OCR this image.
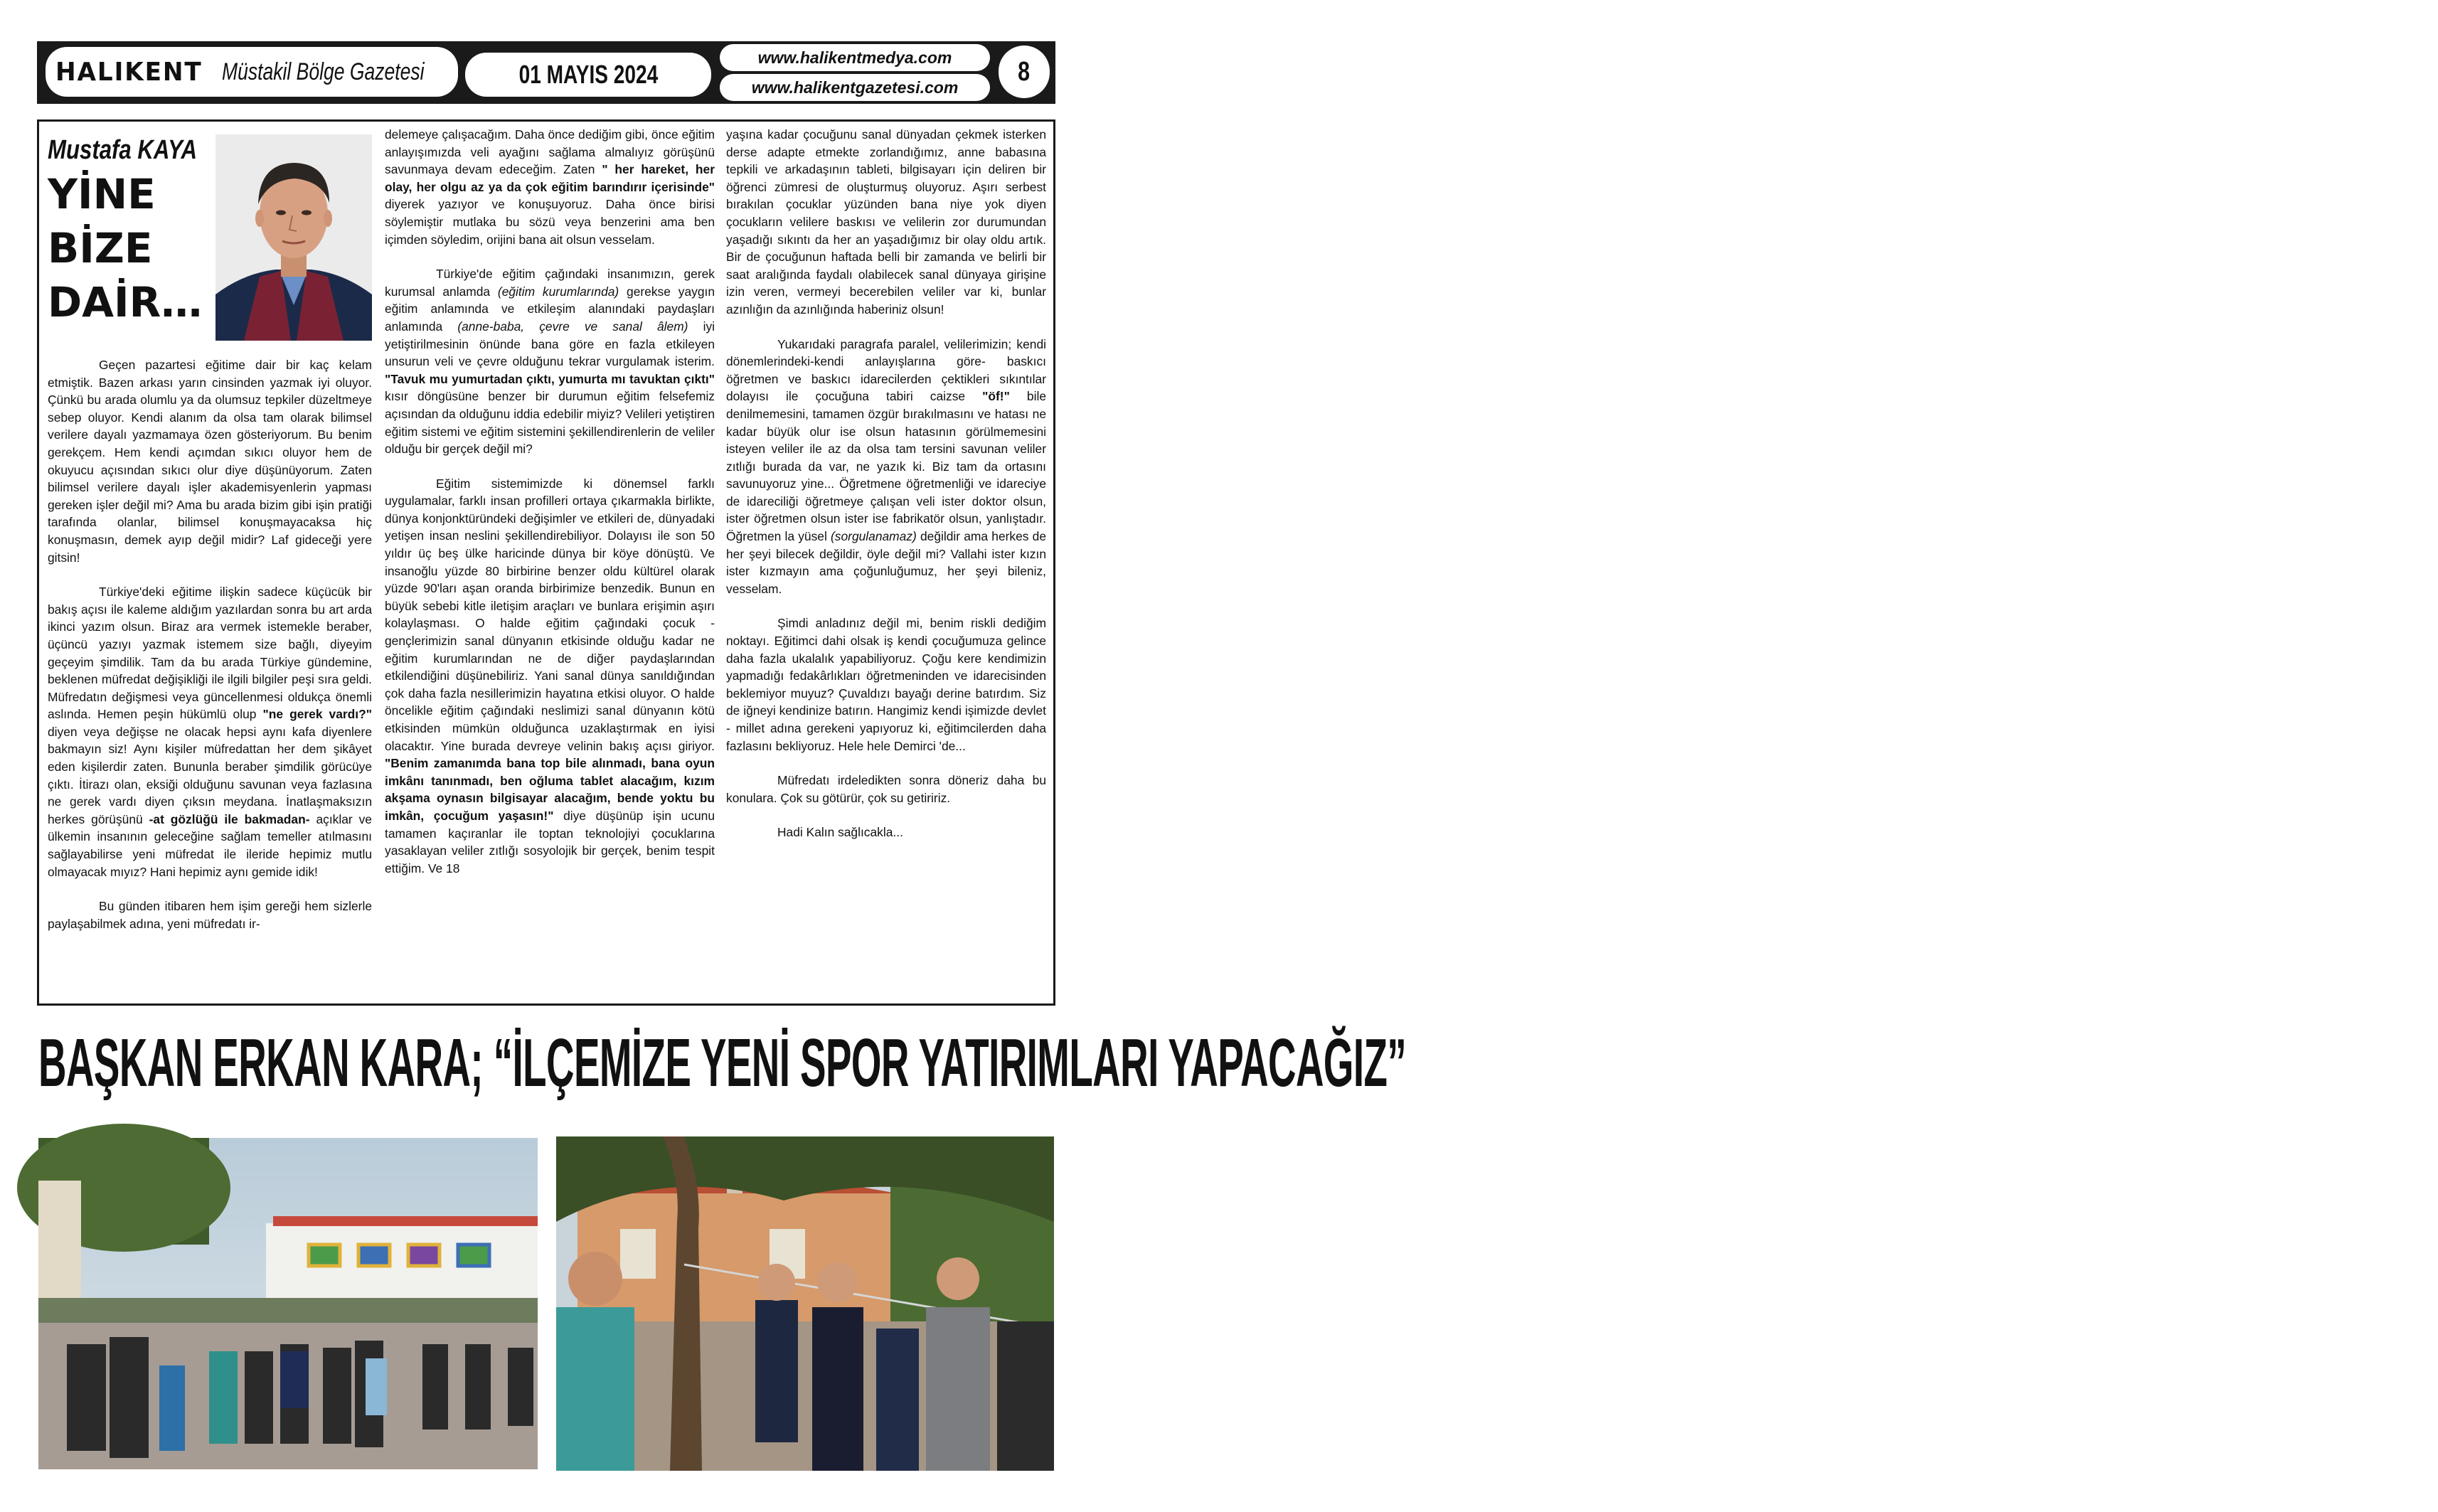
HALIKENT Müstakil Bölge Gazetesi	01 MAYIS 2024
www.halikentmedya.com
www.halikentgazetesi.com
8
Mustafa KAYA
YİNE
BİZE
DAİR…

Geçen pazartesi eğitime dair bir kaç kelam etmiştik. Bazen arkası yarın cinsinden yazmak iyi oluyor. Çünkü bu arada olumlu ya da olumsuz tepkiler düzeltmeye sebep oluyor. Kendi alanım da olsa tam olarak bilimsel verilere dayalı yazmamaya özen gösteriyorum. Bu benim gerekçem. Hem kendi açımdan sıkıcı oluyor hem de okuyucu açısından sıkıcı olur diye düşünüyorum. Zaten bilimsel verilere dayalı işler akademisyenlerin yapması gereken işler değil mi? Ama bu arada bizim gibi işin pratiği tarafında olanlar, bilimsel konuşmayacaksa hiç konuşmasın, demek ayıp değil midir? Laf gideceği yere gitsin!

Türkiye'deki eğitime ilişkin sadece küçücük bir bakış açısı ile kaleme aldığım yazılardan sonra bu art arda ikinci yazım olsun. Biraz ara vermek istemekle beraber, üçüncü yazıyı yazmak istemem size bağlı, diyeyim geçeyim şimdilik. Tam da bu arada Türkiye gündemine, beklenen müfredat değişikliği ile ilgili bilgiler peşi sıra geldi. Müfredatın değişmesi veya güncellenmesi oldukça önemli aslında. Hemen peşin hükümlü olup "ne gerek vardı?" diyen veya değişse ne olacak hepsi aynı kafa diyenlere bakmayın siz! Aynı kişiler müfredattan her dem şikâyet eden kişilerdir zaten. Bununla beraber şimdilik görücüye çıktı. İtirazı olan, eksiği olduğunu savunan veya fazlasına ne gerek vardı diyen çıksın meydana. İnatlaşmaksızın herkes görüşünü -at gözlüğü ile bakmadan- açıklar ve ülkemin insanının geleceğine sağlam temeller atılmasını sağlayabilirse yeni müfredat ile ileride hepimiz mutlu olmayacak mıyız? Hani hepimiz aynı gemide idik!

Bu günden itibaren hem işim gereği hem sizlerle paylaşabilmek adına, yeni müfredatı ir-

delemeye çalışacağım. Daha önce dediğim gibi, önce eğitim anlayışımızda veli ayağını sağlama almalıyız görüşünü savunmaya devam edeceğim. Zaten " her hareket, her olay, her olgu az ya da çok eğitim barındırır içerisinde" diyerek yazıyor ve konuşuyoruz. Daha önce birisi söylemiştir mutlaka bu sözü veya benzerini ama ben içimden söyledim, orijini bana ait olsun vesselam.

Türkiye'de eğitim çağındaki insanımızın, gerek kurumsal anlamda (eğitim kurumlarında) gerekse yaygın eğitim anlamında ve etkileşim alanındaki paydaşları anlamında (anne-baba, çevre ve sanal âlem) iyi yetiştirilmesinin önünde bana göre en fazla etkileyen unsurun veli ve çevre olduğunu tekrar vurgulamak isterim. "Tavuk mu yumurtadan çıktı, yumurta mı tavuktan çıktı" kısır döngüsüne benzer bir durumun eğitim felsefemiz açısından da olduğunu iddia edebilir miyiz? Velileri yetiştiren eğitim sistemi ve eğitim sistemini şekillendirenlerin de veliler olduğu bir gerçek değil mi?

Eğitim sistemimizde ki dönemsel farklı uygulamalar, farklı insan profilleri ortaya çıkarmakla birlikte, dünya konjonktüründeki değişimler ve etkileri de, dünyadaki yetişen insan neslini şekillendirebiliyor. Dolayısı ile son 50 yıldır üç beş ülke haricinde dünya bir köye dönüştü. Ve insanoğlu yüzde 80 birbirine benzer oldu kültürel olarak yüzde 90'ları aşan oranda birbirimize benzedik. Bunun en büyük sebebi kitle iletişim araçları ve bunlara erişimin aşırı kolaylaşması. O halde eğitim çağındaki çocuk - gençlerimizin sanal dünyanın etkisinde olduğu kadar ne eğitim kurumlarından ne de diğer paydaşlarından etkilendiğini düşünebiliriz. Yani sanal dünya sanıldığından çok daha fazla nesillerimizin hayatına etkisi oluyor. O halde öncelikle eğitim çağındaki neslimizi sanal dünyanın kötü etkisinden mümkün olduğunca uzaklaştırmak en iyisi olacaktır. Yine burada devreye velinin bakış açısı giriyor. "Benim zamanımda bana top bile alınmadı, bana oyun imkânı tanınmadı, ben oğluma tablet alacağım, kızım akşama oynasın bilgisayar alacağım, bende yoktu bu imkân, çocuğum yaşasın!" diye düşünüp işin ucunu tamamen kaçıranlar ile toptan teknolojiyi çocuklarına yasaklayan veliler zıtlığı sosyolojik bir gerçek, benim tespit ettiğim. Ve 18

yaşına kadar çocuğunu sanal dünyadan çekmek isterken derse adapte etmekte zorlandığımız, anne babasına tepkili ve arkadaşının tableti, bilgisayarı için deliren bir öğrenci zümresi de oluşturmuş oluyoruz. Aşırı serbest bırakılan çocuklar yüzünden bana niye yok diyen çocukların velilere baskısı ve velilerin zor durumundan yaşadığı sıkıntı da her an yaşadığımız bir olay oldu artık. Bir de çocuğunun haftada belli bir zamanda ve belirli bir saat aralığında faydalı olabilecek sanal dünyaya girişine izin veren, vermeyi becerebilen veliler var ki, bunlar azınlığın da azınlığında haberiniz olsun!

Yukarıdaki paragrafa paralel, velilerimizin; kendi dönemlerindeki-kendi anlayışlarına göre- baskıcı öğretmen ve baskıcı idarecilerden çektikleri sıkıntılar dolayısı ile çocuğuna tabiri caizse "öf!" bile denilmemesini, tamamen özgür bırakılmasını ve hatası ne kadar büyük olur ise olsun hatasının görülmemesini isteyen veliler ile az da olsa tam tersini savunan veliler zıtlığı burada da var, ne yazık ki. Biz tam da ortasını savunuyoruz yine... Öğretmene öğretmenliği ve idareciye de idareciliği öğretmeye çalışan veli ister doktor olsun, ister öğretmen olsun ister ise fabrikatör olsun, yanlıştadır. Öğretmen la yüsel (sorgulanamaz) değildir ama herkes de her şeyi bilecek değildir, öyle değil mi? Vallahi ister kızın ister kızmayın ama çoğunluğumuz, her şeyi bileniz, vesselam.

Şimdi anladınız değil mi, benim riskli dediğim noktayı. Eğitimci dahi olsak iş kendi çocuğumuza gelince daha fazla ukalalık yapabiliyoruz. Çoğu kere kendimizin yapmadığı fedakârlıkları öğretmeninden ve idarecisinden beklemiyor muyuz? Çuvaldızı bayağı derine batırdım. Siz de iğneyi kendinize batırın. Hangimiz kendi işimizde devlet - millet adına gerekeni yapıyoruz ki, eğitimcilerden daha fazlasını bekliyoruz. Hele hele Demirci 'de...

Müfredatı irdeledikten sonra döneriz daha bu konulara. Çok su götürür, çok su getiririz.

Hadi Kalın sağlıcakla...

BAŞKAN ERKAN KARA; “İLÇEMİZE YENİ SPOR YATIRIMLARI YAPACAĞIZ”
